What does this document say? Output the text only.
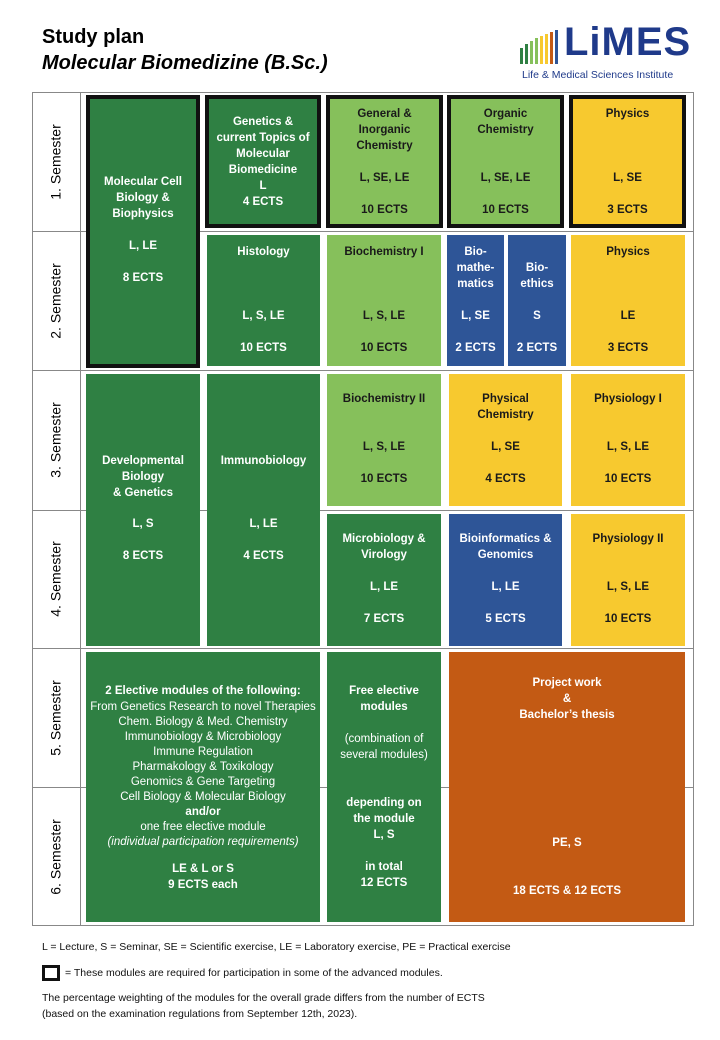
Study plan
Molecular Biomedizine (B.Sc.)	LiMES
Life & Medical Sciences Institute
1. Semester
2. Semester
3. Semester
4. Semester
5. Semester
6. Semester
Molecular Cell
Biology &
Biophysics
L, LE
8 ECTS
Genetics &
current Topics of
Molecular
Biomedicine
L
4 ECTS
General &
Inorganic
Chemistry
L, SE, LE
10 ECTS
Organic
Chemistry
L, SE, LE
10 ECTS
Physics
L, SE
3 ECTS
Histology
L, S, LE
10 ECTS
Biochemistry I
L, S, LE
10 ECTS
Bio-
mathe-
matics
L, SE
2 ECTS
Bio-
ethics
S
2 ECTS
Physics
LE
3 ECTS
Developmental
Biology
& Genetics
L, S
8 ECTS
Immunobiology
L, LE
4 ECTS
Biochemistry II
L, S, LE
10 ECTS
Physical
Chemistry
L, SE
4 ECTS
Physiology I
L, S, LE
10 ECTS
Microbiology &
Virology
L, LE
7 ECTS
Bioinformatics &
Genomics
L, LE
5 ECTS
Physiology II
L, S, LE
10 ECTS
2 Elective modules of the following:
From Genetics Research to novel Therapies
Chem. Biology & Med. Chemistry
Immunobiology & Microbiology
Immune Regulation
Pharmakology & Toxikology
Genomics & Gene Targeting
Cell Biology & Molecular Biology
and/or
one free elective module
(individual participation requirements)
LE & L or S
9 ECTS each
Free elective
modules
(combination of
several modules)
depending on
the module
L, S
in total
12 ECTS
Project work
&
Bachelor’s thesis
PE, S
18 ECTS & 12 ECTS
L = Lecture, S = Seminar, SE = Scientific exercise, LE = Laboratory exercise, PE = Practical exercise
= These modules are required for participation in some of the advanced modules.
The percentage weighting of the modules for the overall grade differs from the number of ECTS
(based on the examination regulations from September 12th, 2023).
